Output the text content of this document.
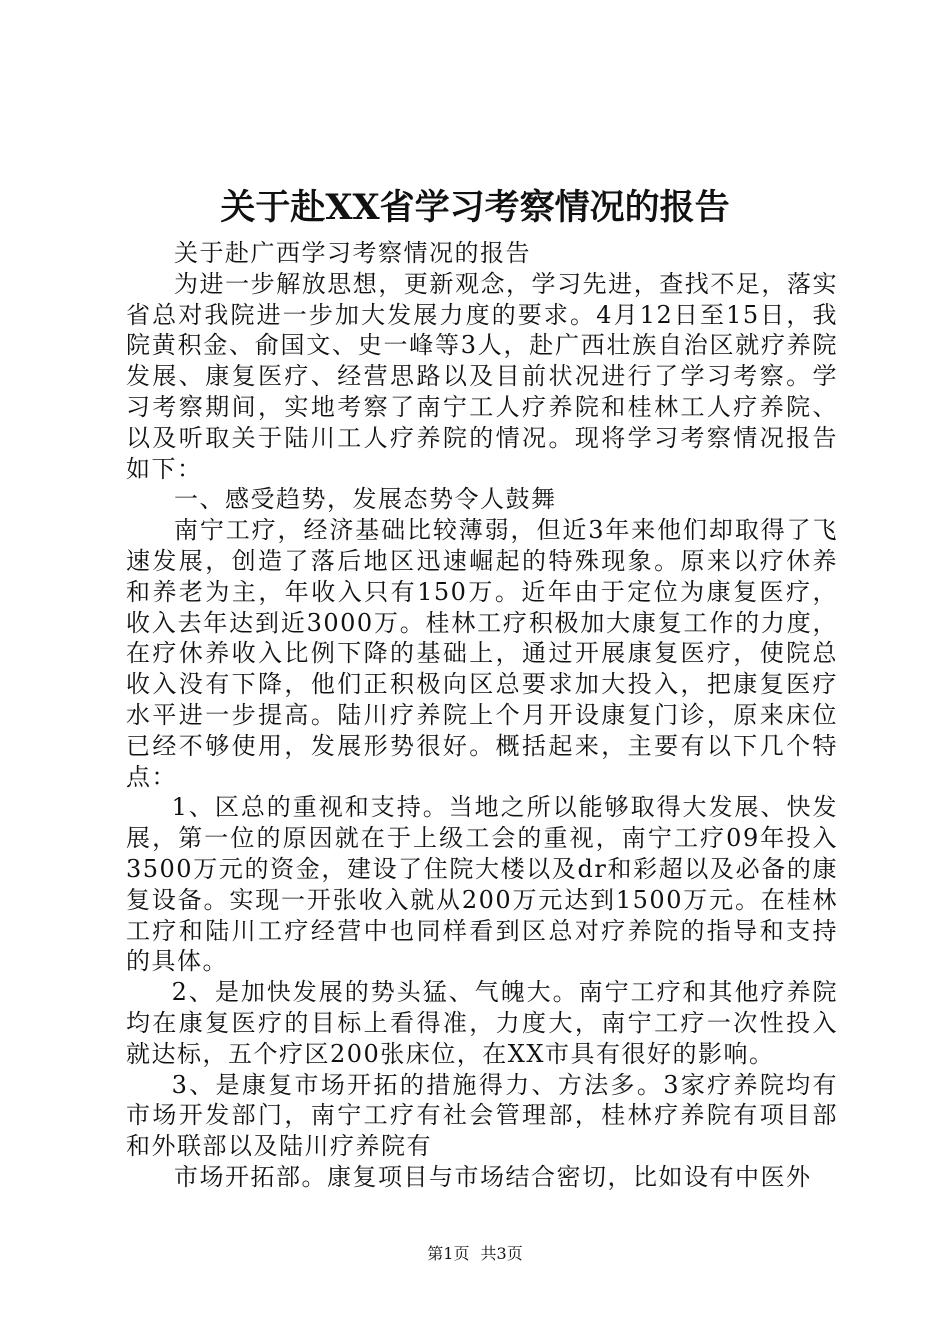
关于赴XX省学习考察情况的报告

关于赴广西学习考察情况的报告

为进一步解放思想，更新观念，学习先进，查找不足，落实省总对我院进一步加大发展力度的要求。4月12日至15日，我院黄积金、俞国文、史一峰等3人，赴广西壮族自治区就疗养院发展、康复医疗、经营思路以及目前状况进行了学习考察。学习考察期间，实地考察了南宁工人疗养院和桂林工人疗养院、以及听取关于陆川工人疗养院的情况。现将学习考察情况报告如下：

一、感受趋势，发展态势令人鼓舞

南宁工疗，经济基础比较薄弱，但近3年来他们却取得了飞速发展，创造了落后地区迅速崛起的特殊现象。原来以疗休养和养老为主，年收入只有150万。近年由于定位为康复医疗，收入去年达到近3000万。桂林工疗积极加大康复工作的力度，在疗休养收入比例下降的基础上，通过开展康复医疗，使院总收入没有下降，他们正积极向区总要求加大投入，把康复医疗水平进一步提高。陆川疗养院上个月开设康复门诊，原来床位已经不够使用，发展形势很好。概括起来，主要有以下几个特点：

1、区总的重视和支持。当地之所以能够取得大发展、快发展，第一位的原因就在于上级工会的重视，南宁工疗09年投入3500万元的资金，建设了住院大楼以及dr和彩超以及必备的康复设备。实现一开张收入就从200万元达到1500万元。在桂林工疗和陆川工疗经营中也同样看到区总对疗养院的指导和支持的具体。

2、是加快发展的势头猛、气魄大。南宁工疗和其他疗养院均在康复医疗的目标上看得准，力度大，南宁工疗一次性投入就达标，五个疗区200张床位，在XX市具有很好的影响。

3、是康复市场开拓的措施得力、方法多。3家疗养院均有市场开发部门，南宁工疗有社会管理部，桂林疗养院有项目部和外联部以及陆川疗养院有

市场开拓部。康复项目与市场结合密切，比如设有中医外

第1页 共3页
